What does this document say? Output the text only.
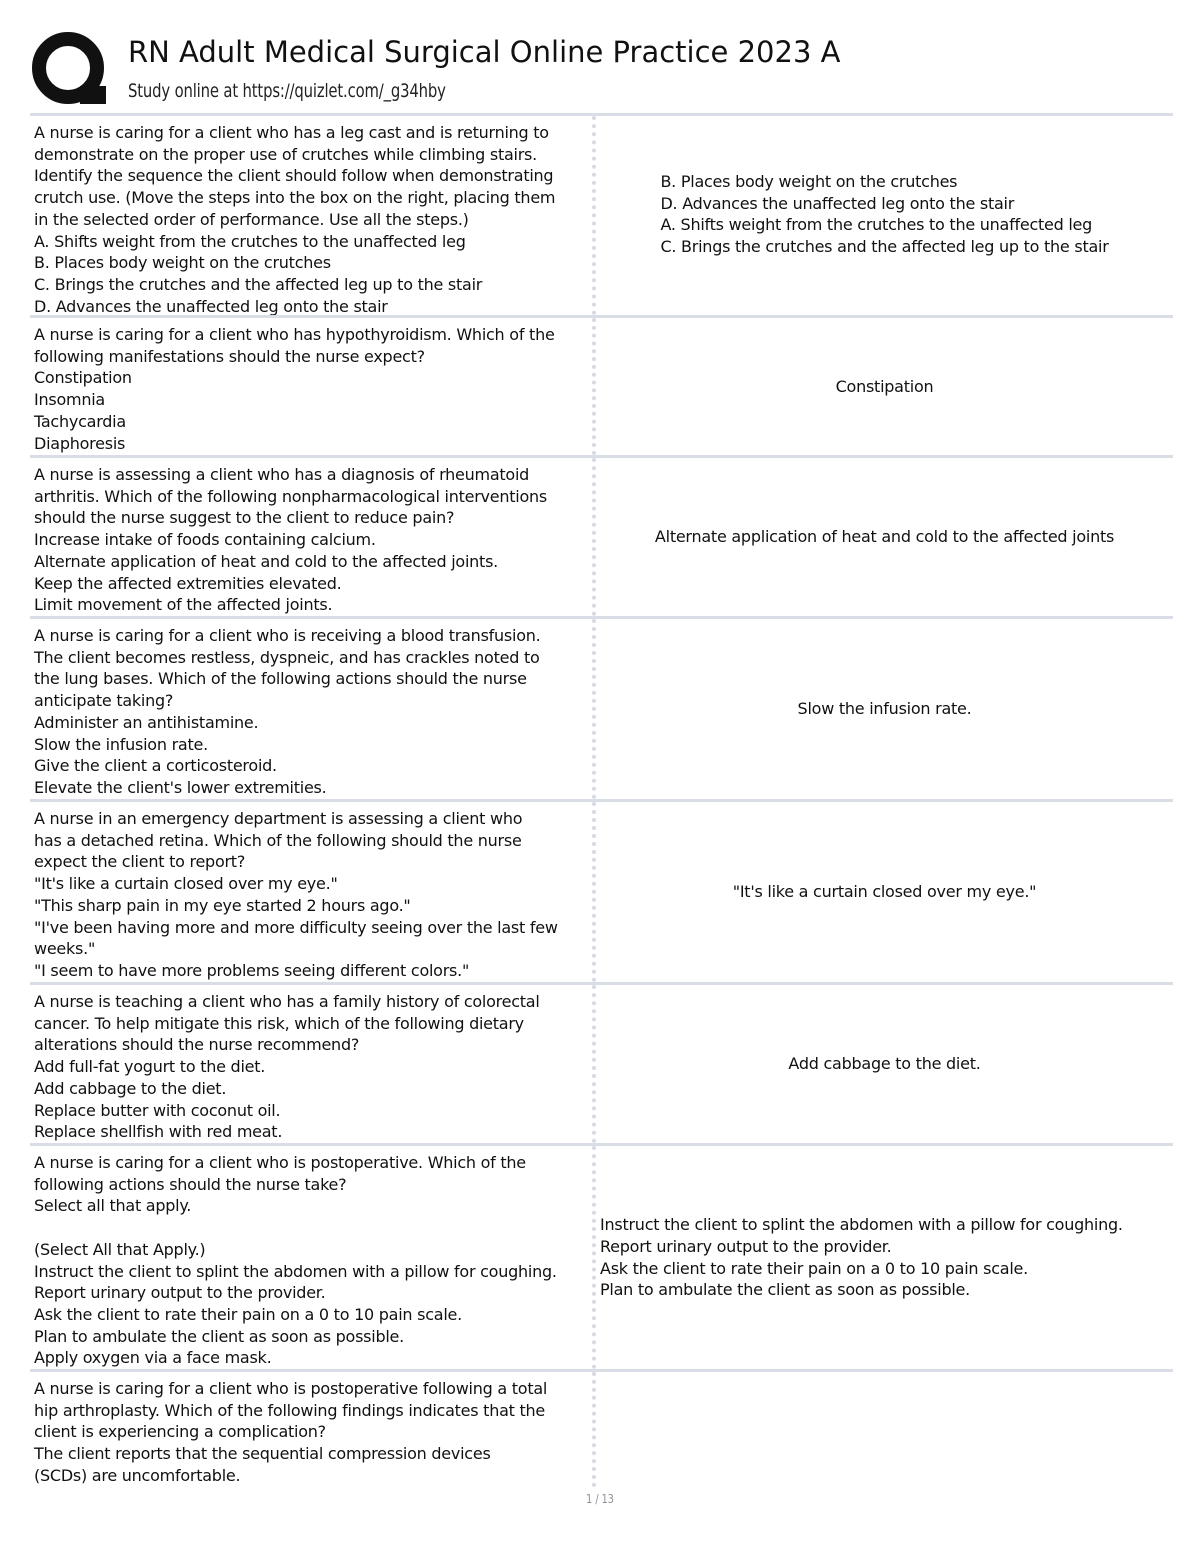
RN Adult Medical Surgical Online Practice 2023 A
Study online at https://quizlet.com/_g34hby
A nurse is caring for a client who has a leg cast and is returning to
demonstrate on the proper use of crutches while climbing stairs.
Identify the sequence the client should follow when demonstrating
crutch use. (Move the steps into the box on the right, placing them
in the selected order of performance. Use all the steps.)
A. Shifts weight from the crutches to the unaffected leg
B. Places body weight on the crutches
C. Brings the crutches and the affected leg up to the stair
D. Advances the unaffected leg onto the stair
B. Places body weight on the crutches
D. Advances the unaffected leg onto the stair
A. Shifts weight from the crutches to the unaffected leg
C. Brings the crutches and the affected leg up to the stair
A nurse is caring for a client who has hypothyroidism. Which of the
following manifestations should the nurse expect?
Constipation
Insomnia
Tachycardia
Diaphoresis
Constipation
A nurse is assessing a client who has a diagnosis of rheumatoid
arthritis. Which of the following nonpharmacological interventions
should the nurse suggest to the client to reduce pain?
Increase intake of foods containing calcium.
Alternate application of heat and cold to the affected joints.
Keep the affected extremities elevated.
Limit movement of the affected joints.
Alternate application of heat and cold to the affected joints
A nurse is caring for a client who is receiving a blood transfusion.
The client becomes restless, dyspneic, and has crackles noted to
the lung bases. Which of the following actions should the nurse
anticipate taking?
Administer an antihistamine.
Slow the infusion rate.
Give the client a corticosteroid.
Elevate the client's lower extremities.
Slow the infusion rate.
A nurse in an emergency department is assessing a client who
has a detached retina. Which of the following should the nurse
expect the client to report?
"It's like a curtain closed over my eye."
"This sharp pain in my eye started 2 hours ago."
"I've been having more and more difficulty seeing over the last few
weeks."
"I seem to have more problems seeing different colors."
"It's like a curtain closed over my eye."
A nurse is teaching a client who has a family history of colorectal
cancer. To help mitigate this risk, which of the following dietary
alterations should the nurse recommend?
Add full-fat yogurt to the diet.
Add cabbage to the diet.
Replace butter with coconut oil.
Replace shellfish with red meat.
Add cabbage to the diet.
A nurse is caring for a client who is postoperative. Which of the
following actions should the nurse take?
Select all that apply.
(Select All that Apply.)
Instruct the client to splint the abdomen with a pillow for coughing.
Report urinary output to the provider.
Ask the client to rate their pain on a 0 to 10 pain scale.
Plan to ambulate the client as soon as possible.
Apply oxygen via a face mask.
Instruct the client to splint the abdomen with a pillow for coughing.
Report urinary output to the provider.
Ask the client to rate their pain on a 0 to 10 pain scale.
Plan to ambulate the client as soon as possible.
A nurse is caring for a client who is postoperative following a total
hip arthroplasty. Which of the following findings indicates that the
client is experiencing a complication?
The client reports that the sequential compression devices
(SCDs) are uncomfortable.
1 / 13
